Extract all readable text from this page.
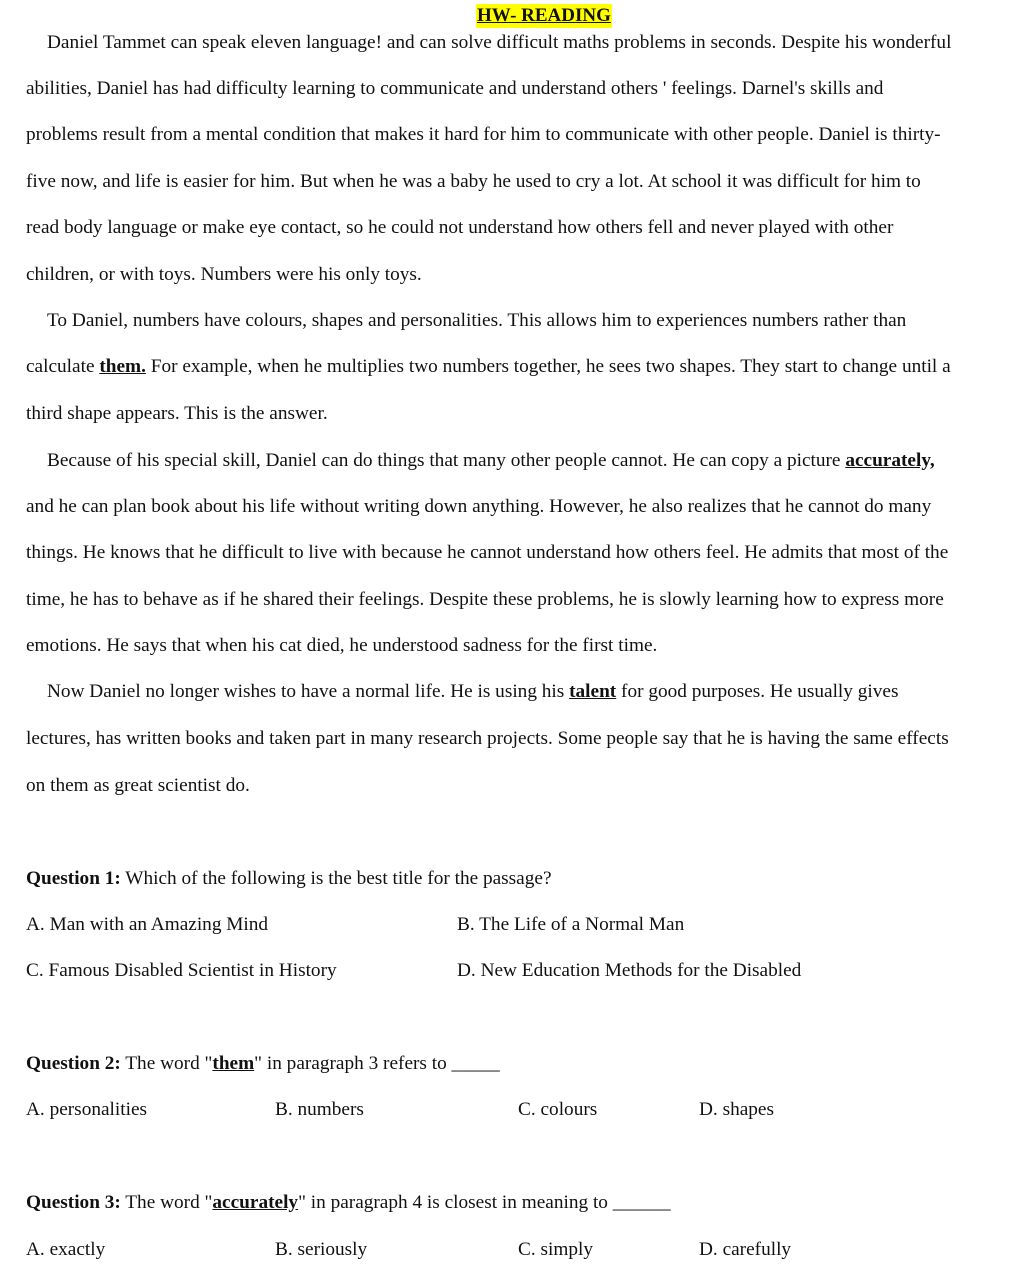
HW- READING
Daniel Tammet can speak eleven language! and can solve difficult maths problems in seconds. Despite his wonderful
abilities, Daniel has had difficulty learning to communicate and understand others ' feelings. Darnel's skills and
problems result from a mental condition that makes it hard for him to communicate with other people. Daniel is thirty-
five now, and life is easier for him. But when he was a baby he used to cry a lot. At school it was difficult for him to
read body language or make eye contact, so he could not understand how others fell and never played with other
children, or with toys. Numbers were his only toys.
To Daniel, numbers have colours, shapes and personalities. This allows him to experiences numbers rather than
calculate them. For example, when he multiplies two numbers together, he sees two shapes. They start to change until a
third shape appears. This is the answer.
Because of his special skill, Daniel can do things that many other people cannot. He can copy a picture accurately,
and he can plan book about his life without writing down anything. However, he also realizes that he cannot do many
things. He knows that he difficult to live with because he cannot understand how others feel. He admits that most of the
time, he has to behave as if he shared their feelings. Despite these problems, he is slowly learning how to express more
emotions. He says that when his cat died, he understood sadness for the first time.
Now Daniel no longer wishes to have a normal life. He is using his talent for good purposes. He usually gives
lectures, has written books and taken part in many research projects. Some people say that he is having the same effects
on them as great scientist do.
Question 1: Which of the following is the best title for the passage?
A. Man with an Amazing Mind	B. The Life of a Normal Man
C. Famous Disabled Scientist in History	D. New Education Methods for the Disabled
Question 2: The word "them" in paragraph 3 refers to _____
A. personalities	B. numbers	C. colours	D. shapes
Question 3: The word "accurately" in paragraph 4 is closest in meaning to ______
A. exactly	B. seriously	C. simply	D. carefully
